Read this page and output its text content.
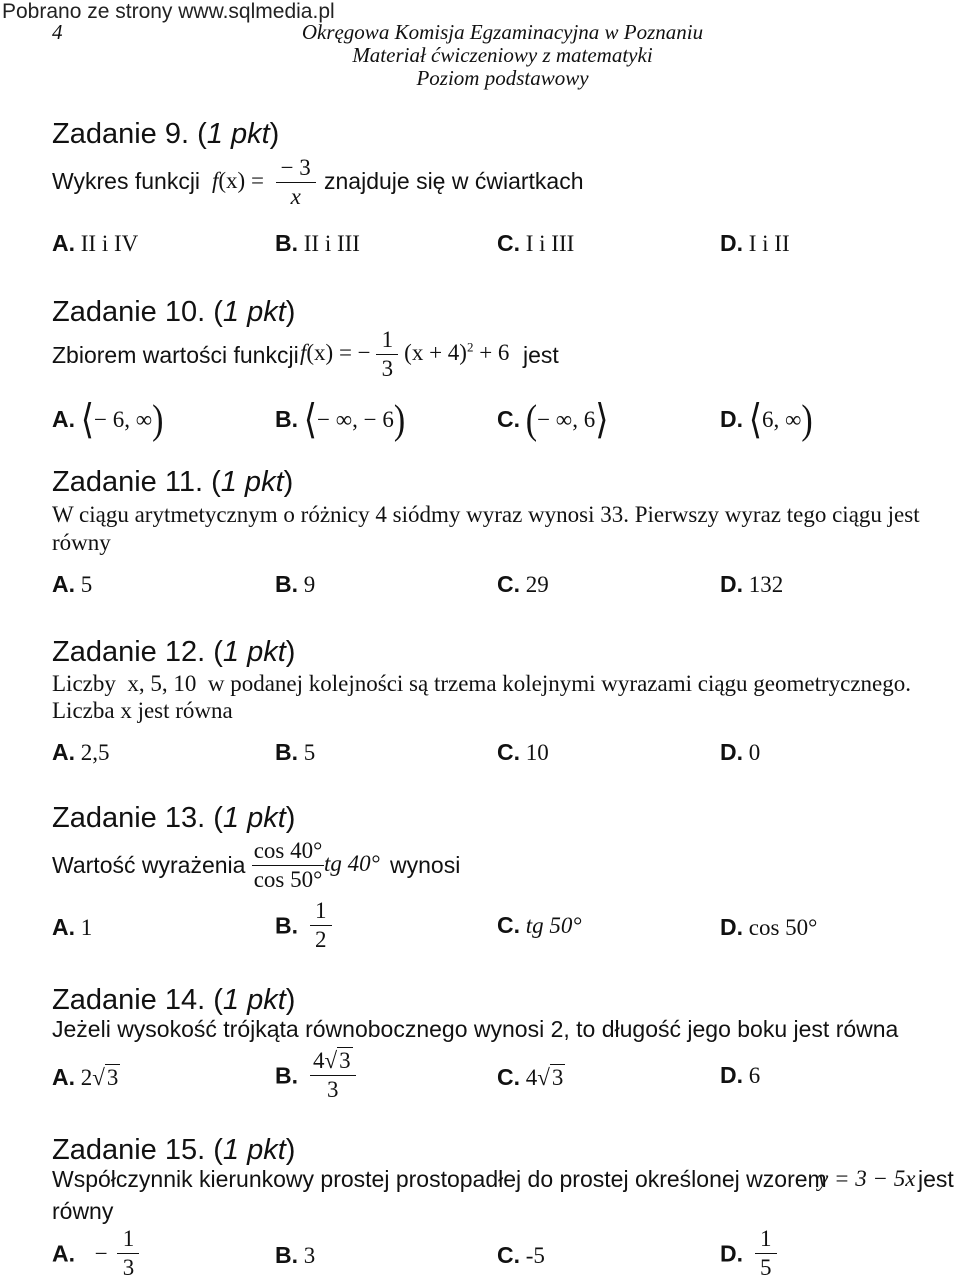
Pobrano ze strony www.sqlmedia.pl
4	Okręgowa Komisja Egzaminacyjna w Poznaniu
Materiał ćwiczeniowy z matematyki
Poziom podstawowy
Zadanie 9. (1 pkt)
Wykres funkcji $f(x) = \frac{- 3}{x}$ znajduje się w ćwiartkach
A. II i IV	B. II i III	C. I i III	D. I i II
Zadanie 10. (1 pkt)
Zbiorem wartości funkcji f(x) = − $\frac{1}{3} (x + 4)^2 + 6$ jest
A. ⟨− 6, ∞)	B. ⟨− ∞, − 6)	C. (− ∞, 6⟩	D. ⟨6, ∞)
Zadanie 11. (1 pkt)
W ciągu arytmetycznym o różnicy 4 siódmy wyraz wynosi 33. Pierwszy wyraz tego ciągu jest
równy
A. 5	B. 9	C. 29	D. 132
Zadanie 12. (1 pkt)
Liczby  x, 5, 10  w podanej kolejności są trzema kolejnymi wyrazami ciągu geometrycznego.
Liczba x jest równa
A. 2,5	B. 5	C. 10	D. 0
Zadanie 13. (1 pkt)
Wartość wyrażenia $\frac{\cos 40^\circ}{\cos 50^\circ}$ tg 40° wynosi
A. 1	B. $\frac{1}{2}$	C. tg 50°	D. cos 50°
Zadanie 14. (1 pkt)
Jeżeli wysokość trójkąta równobocznego wynosi 2, to długość jego boku jest równa
A. 2√3	B. $\frac{4√3}{3}$	C. 4√3	D. 6
Zadanie 15. (1 pkt)
Współczynnik kierunkowy prostej prostopadłej do prostej określonej wzorem
y = 3 − 5x jest
równy
A. − $\frac{1}{3}$	B. 3	C. -5	D. $\frac{1}{5}$
